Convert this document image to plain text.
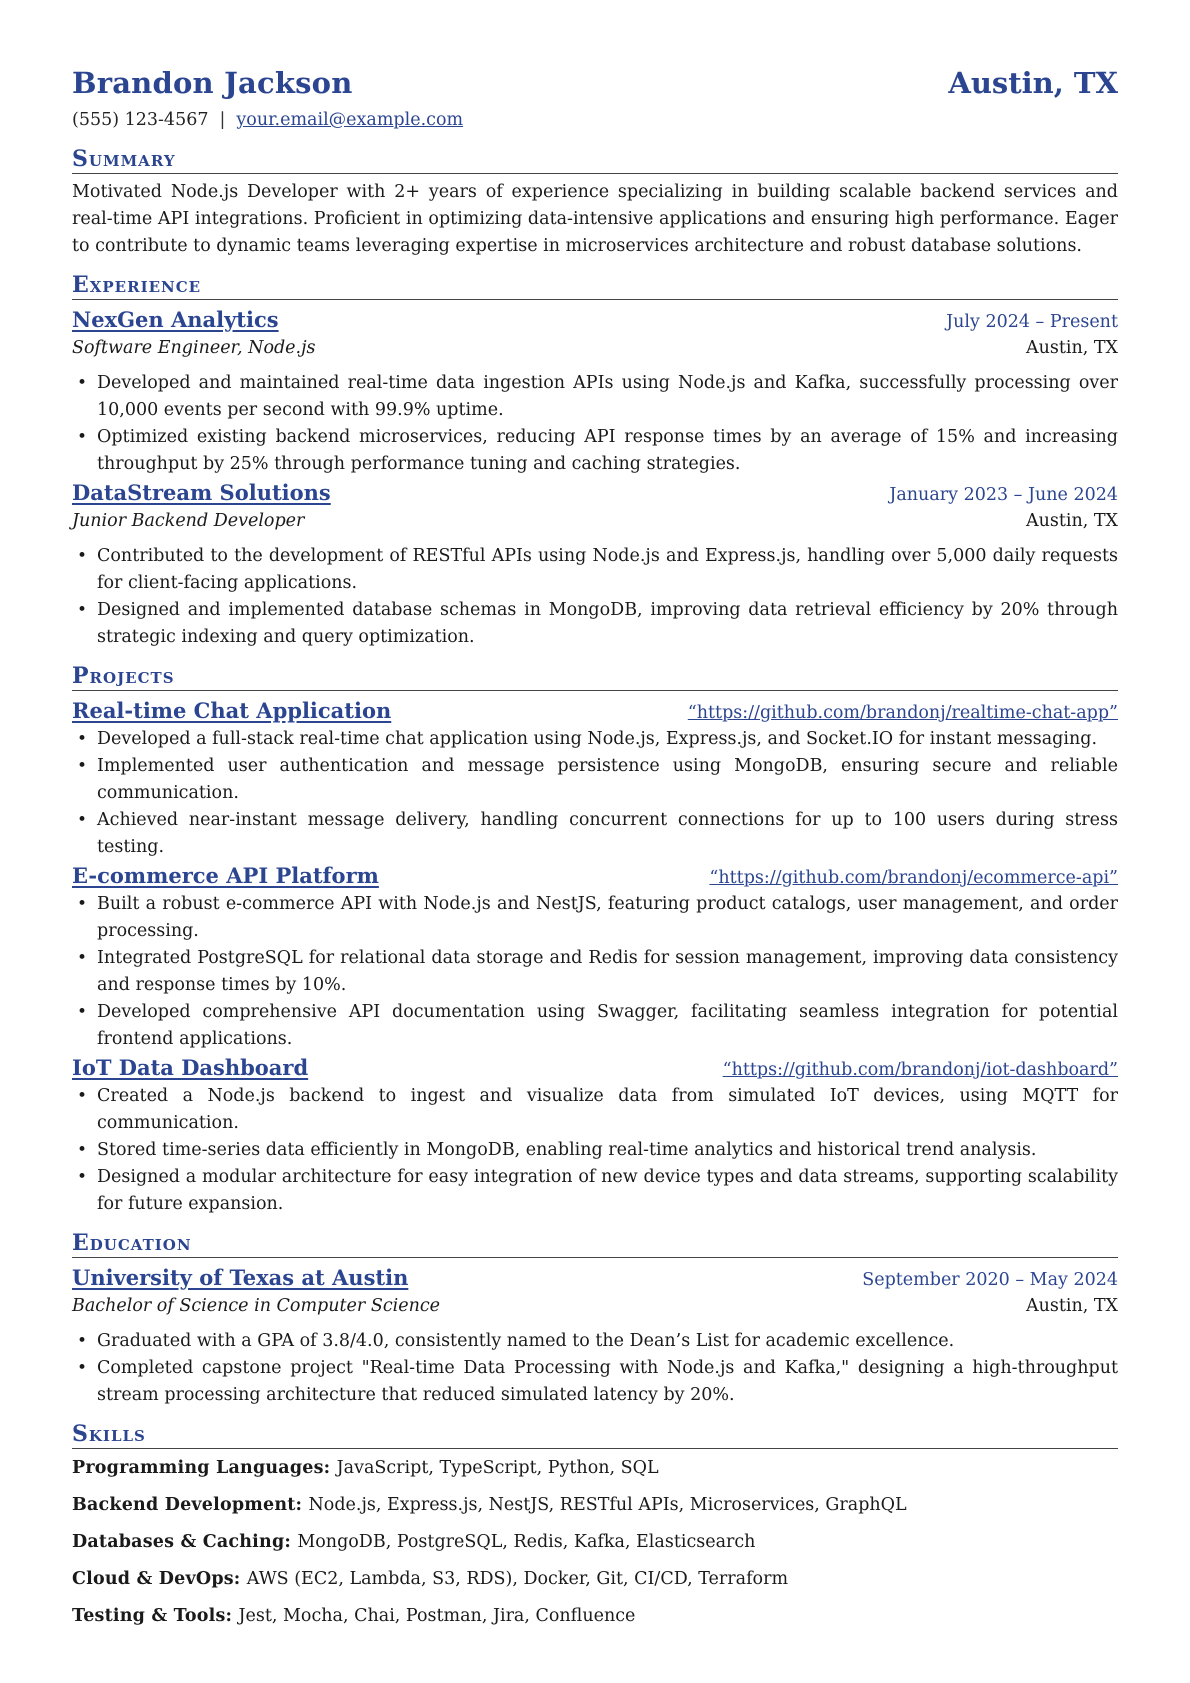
Brandon Jackson	Austin, TX
(555) 123-4567 | your.email@example.com
Summary

Motivated Node.js Developer with 2+ years of experience specializing in building scalable backend services and real-time API integrations. Proficient in optimizing data-intensive applications and ensuring high performance. Eager to contribute to dynamic teams leveraging expertise in microservices architecture and robust database solutions.

Experience
NexGen Analytics	July 2024 – Present
Software Engineer, Node.js	Austin, TX
• Developed and maintained real-time data ingestion APIs using Node.js and Kafka, successfully processing over 10,000 events per second with 99.9% uptime.
• Optimized existing backend microservices, reducing API response times by an average of 15% and increasing throughput by 25% through performance tuning and caching strategies.
DataStream Solutions	January 2023 – June 2024
Junior Backend Developer	Austin, TX
• Contributed to the development of RESTful APIs using Node.js and Express.js, handling over 5,000 daily requests for client-facing applications.
• Designed and implemented database schemas in MongoDB, improving data retrieval efficiency by 20% through strategic indexing and query optimization.
Projects
Real-time Chat Application	“https://github.com/brandonj/realtime-chat-app”
• Developed a full-stack real-time chat application using Node.js, Express.js, and Socket.IO for instant messaging.
• Implemented user authentication and message persistence using MongoDB, ensuring secure and reliable communication.
• Achieved near-instant message delivery, handling concurrent connections for up to 100 users during stress testing.
E-commerce API Platform	“https://github.com/brandonj/ecommerce-api”
• Built a robust e-commerce API with Node.js and NestJS, featuring product catalogs, user management, and order processing.
• Integrated PostgreSQL for relational data storage and Redis for session management, improving data consistency and response times by 10%.
• Developed comprehensive API documentation using Swagger, facilitating seamless integration for potential frontend applications.
IoT Data Dashboard	“https://github.com/brandonj/iot-dashboard”
• Created a Node.js backend to ingest and visualize data from simulated IoT devices, using MQTT for communication.
• Stored time-series data efficiently in MongoDB, enabling real-time analytics and historical trend analysis.
• Designed a modular architecture for easy integration of new device types and data streams, supporting scalability for future expansion.
Education
University of Texas at Austin	September 2020 – May 2024
Bachelor of Science in Computer Science	Austin, TX
• Graduated with a GPA of 3.8/4.0, consistently named to the Dean’s List for academic excellence.
• Completed capstone project "Real-time Data Processing with Node.js and Kafka," designing a high-throughput stream processing architecture that reduced simulated latency by 20%.
Skills
Programming Languages: JavaScript, TypeScript, Python, SQL
Backend Development: Node.js, Express.js, NestJS, RESTful APIs, Microservices, GraphQL
Databases & Caching: MongoDB, PostgreSQL, Redis, Kafka, Elasticsearch
Cloud & DevOps: AWS (EC2, Lambda, S3, RDS), Docker, Git, CI/CD, Terraform
Testing & Tools: Jest, Mocha, Chai, Postman, Jira, Confluence
